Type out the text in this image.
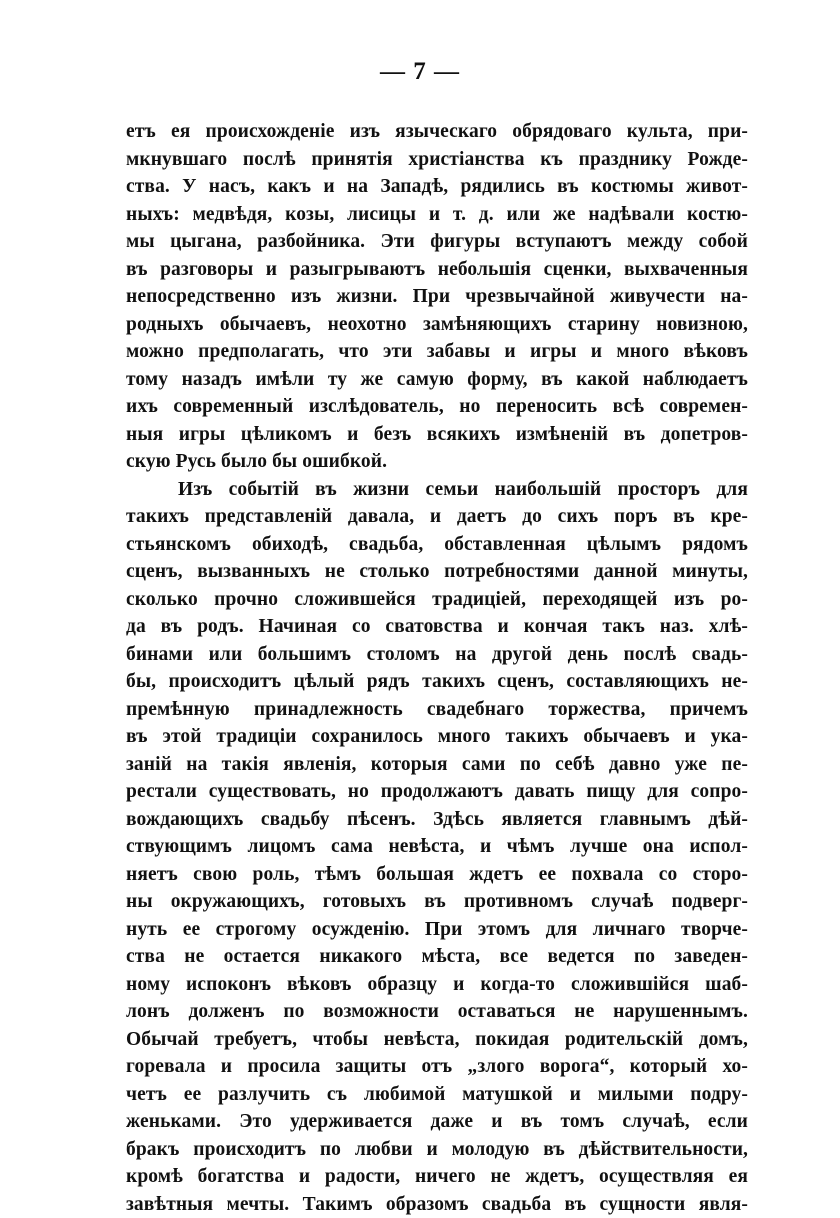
— 7 —
етъ ея происхожденіе изъ языческаго обрядоваго культа, при-
мкнувшаго послѣ принятія христіанства къ празднику Рожде-
ства. У насъ, какъ и на Западѣ, рядились въ костюмы живот-
ныхъ: медвѣдя, козы, лисицы и т. д. или же надѣвали костю-
мы цыгана, разбойника. Эти фигуры вступаютъ между собой
въ разговоры и разыгрываютъ небольшія сценки, выхваченныя
непосредственно изъ жизни. При чрезвычайной живучести на-
родныхъ обычаевъ, неохотно замѣняющихъ старину новизною,
можно предполагать, что эти забавы и игры и много вѣковъ
тому назадъ имѣли ту же самую форму, въ какой наблюдаетъ
ихъ современный изслѣдователь, но переносить всѣ современ-
ныя игры цѣликомъ и безъ всякихъ измѣненій въ допетров-
скую Русь было бы ошибкой.
Изъ событій въ жизни семьи наибольшій просторъ для
такихъ представленій давала, и даетъ до сихъ поръ въ кре-
стьянскомъ обиходѣ, свадьба, обставленная цѣлымъ рядомъ
сценъ, вызванныхъ не столько потребностями данной минуты,
сколько прочно сложившейся традиціей, переходящей изъ ро-
да въ родъ. Начиная со сватовства и кончая такъ наз. хлѣ-
бинами или большимъ столомъ на другой день послѣ свадь-
бы, происходитъ цѣлый рядъ такихъ сценъ, составляющихъ не-
премѣнную принадлежность свадебнаго торжества, причемъ
въ этой традиціи сохранилось много такихъ обычаевъ и ука-
заній на такія явленія, которыя сами по себѣ давно уже пе-
рестали существовать, но продолжаютъ давать пищу для сопро-
вождающихъ свадьбу пѣсенъ. Здѣсь является главнымъ дѣй-
ствующимъ лицомъ сама невѣста, и чѣмъ лучше она испол-
няетъ свою роль, тѣмъ большая ждетъ ее похвала со сторо-
ны окружающихъ, готовыхъ въ противномъ случаѣ подверг-
нуть ее строгому осужденію. При этомъ для личнаго творче-
ства не остается никакого мѣста, все ведется по заведен-
ному испоконъ вѣковъ образцу и когда-то сложившійся шаб-
лонъ долженъ по возможности оставаться не нарушеннымъ.
Обычай требуетъ, чтобы невѣста, покидая родительскій домъ,
горевала и просила защиты отъ „злого ворога“, который хо-
четъ ее разлучить съ любимой матушкой и милыми подру-
женьками. Это удерживается даже и въ томъ случаѣ, если
бракъ происходитъ по любви и молодую въ дѣйствительности,
кромѣ богатства и радости, ничего не ждетъ, осуществляя ея
завѣтныя мечты. Такимъ образомъ свадьба въ сущности явля-
